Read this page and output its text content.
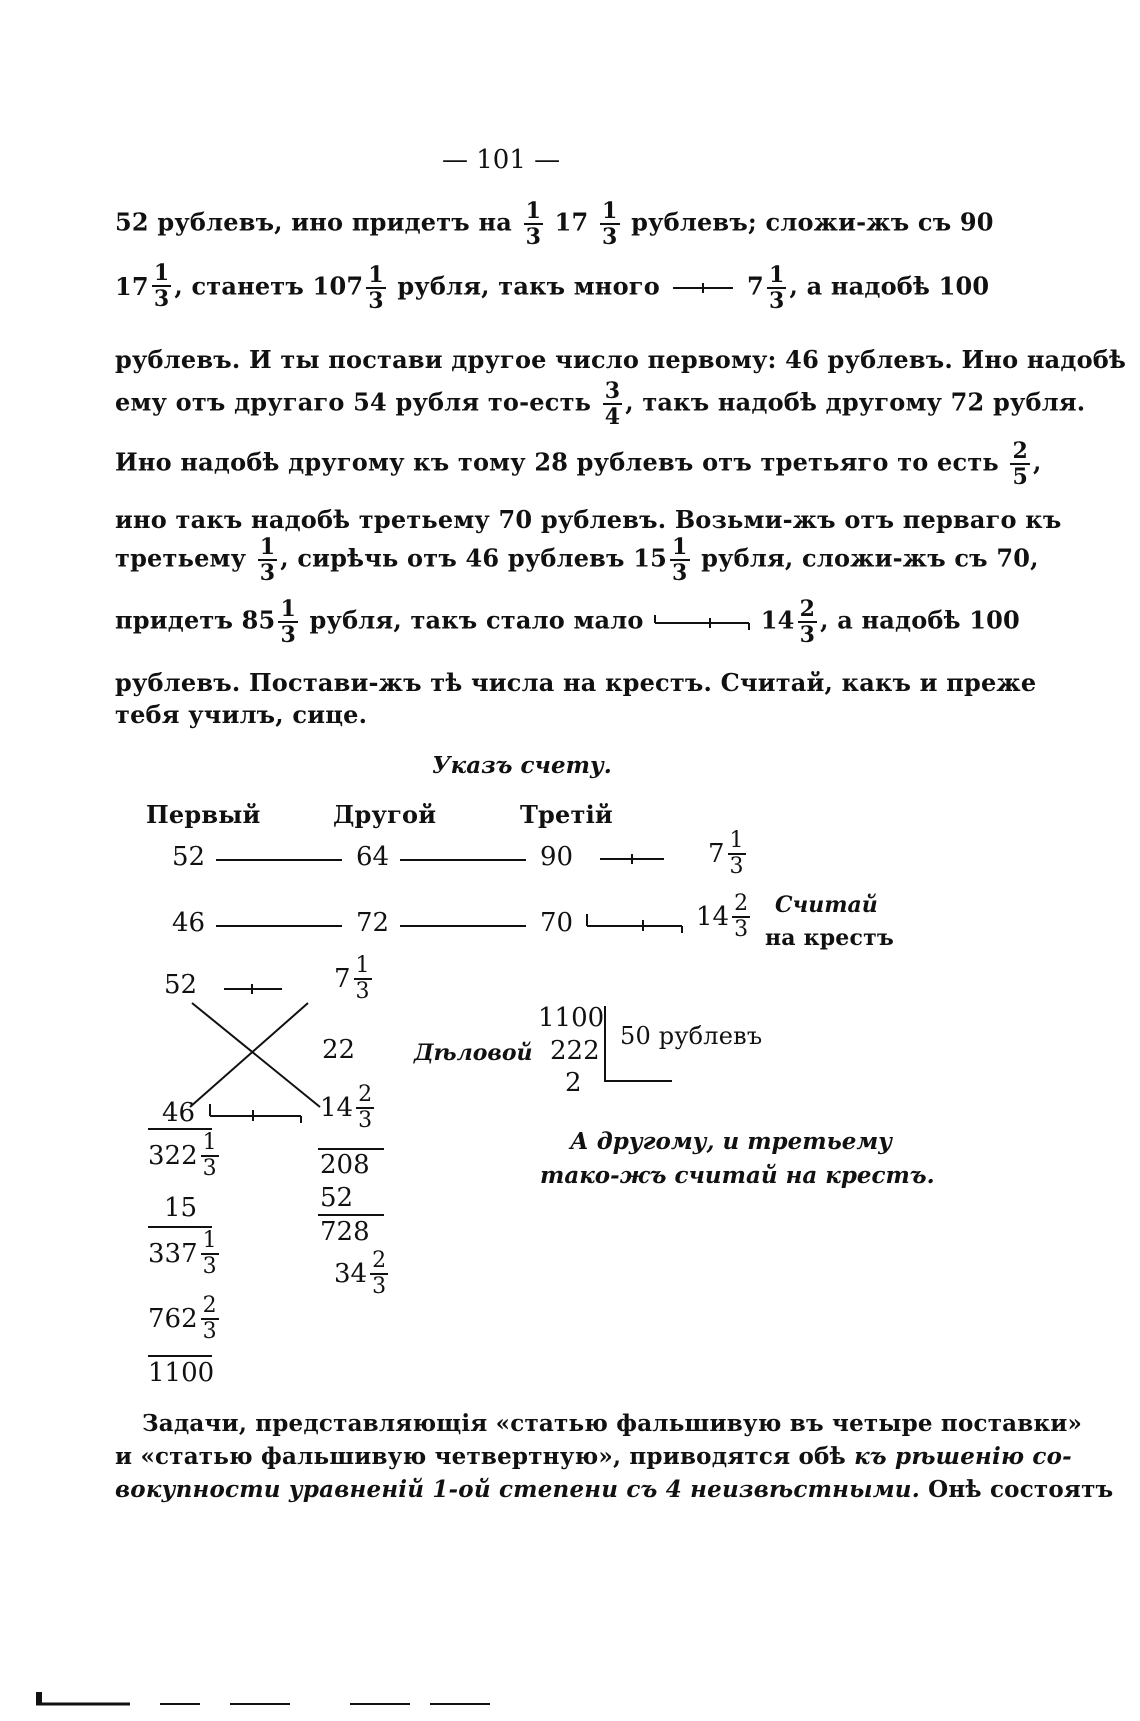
— 101 —
52 рублевъ, ино придетъ на $\frac{1}{3} 17 \frac{1}{3}$ рублевъ; сложи-жъ съ 90
$17 \frac{1}{3}$ , станетъ $107 \frac{1}{3}$ рубля, такъ много	$7 \frac{1}{3}$ , а надобѣ 100
рублевъ. И ты постави другое число первому: 46 рублевъ. Ино надобѣ
ему отъ другаго 54 рубля то-есть $\frac{3}{4}$ , такъ надобѣ другому 72 рубля.
Ино надобѣ другому къ тому 28 рублевъ отъ третьяго то есть $\frac{2}{5}$ ,
ино такъ надобѣ третьему 70 рублевъ. Возьми-жъ отъ перваго къ
третьему $\frac{1}{3}$ , сирѣчь отъ 46 рублевъ $15 \frac{1}{3}$ рубля, сложи-жъ съ 70,
придетъ $85 \frac{1}{3}$ рубля, такъ стало мало	$14 \frac{2}{3}$ , а надобѣ 100
рублевъ. Постави-жъ тѣ числа на крестъ. Считай, какъ и преже
тебя училъ, сице.
Указъ счету.
Первый	Другой	Третій
52	64	90	$7 \frac{1}{3}$
46	72	70	$14 \frac{2}{3}$ Считай
на крестъ
52	$7 \frac{1}{3}$
22
46	$14 \frac{2}{3}$
$322 \frac{1}{3}$
15
$337 \frac{1}{3}$
$762 \frac{2}{3}$
1100
208
52
728
$34 \frac{2}{3}$
Дѣловой
1100
222
2
50 рублевъ
А другому, и третьему
тако-жъ считай на крестъ.
Задачи, представляющія «статью фальшивую въ четыре поставки»
и «статью фальшивую четвертную», приводятся обѣ къ рѣшенію со-
вокупности уравненій 1-ой степени съ 4 неизвѣстными. Онѣ состоятъ
